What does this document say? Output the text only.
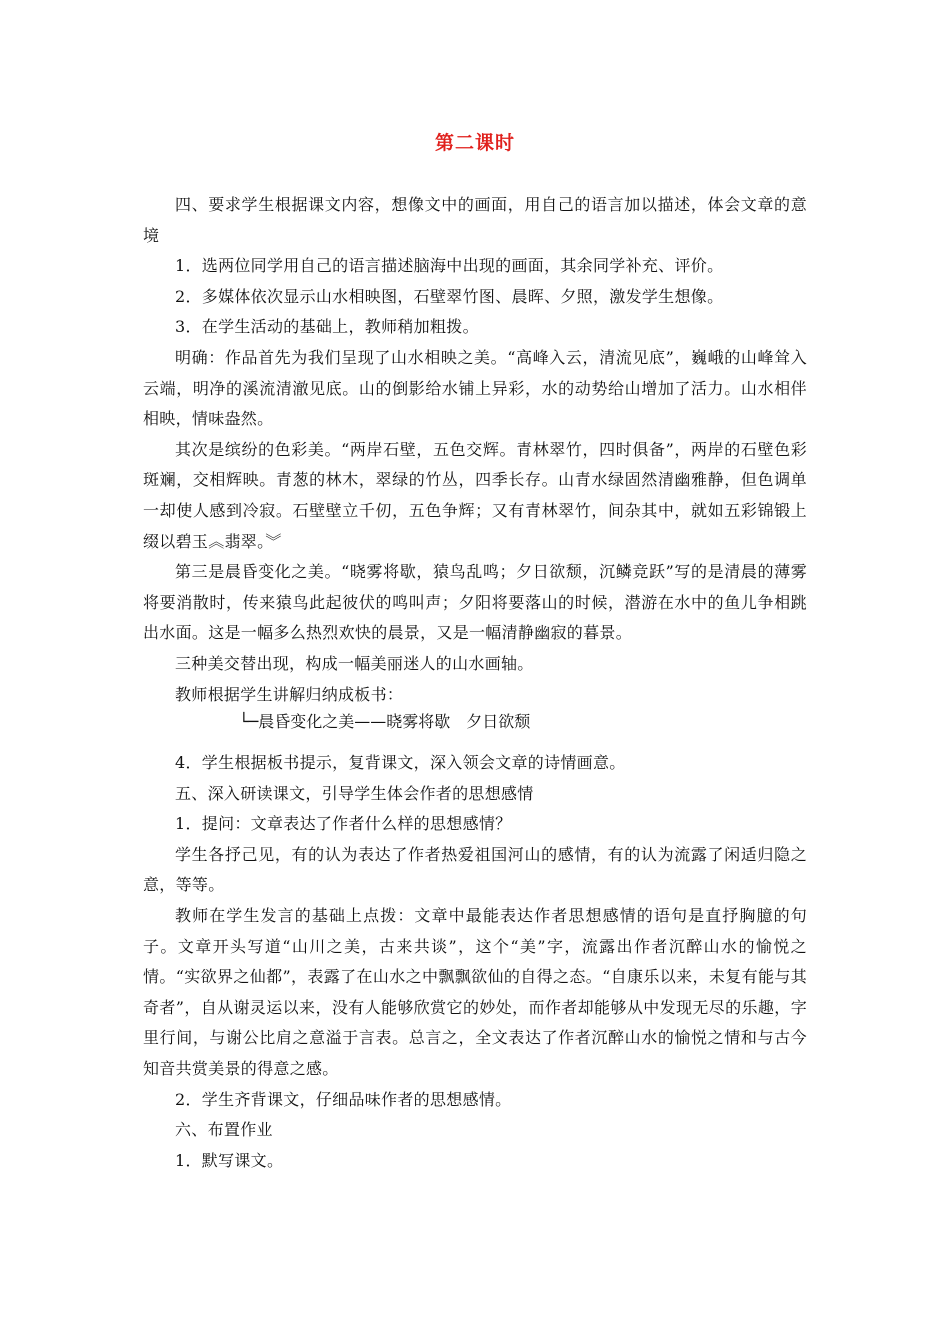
第二课时

四、要求学生根据课文内容，想像文中的画面，用自己的语言加以描述，体会文章的意境

1．选两位同学用自己的语言描述脑海中出现的画面，其余同学补充、评价。

2．多媒体依次显示山水相映图，石壁翠竹图、晨晖、夕照，激发学生想像。

3．在学生活动的基础上，教师稍加粗拨。

明确：作品首先为我们呈现了山水相映之美。“高峰入云，清流见底”，巍峨的山峰耸入云端，明净的溪流清澈见底。山的倒影给水铺上异彩，水的动势给山增加了活力。山水相伴相映，情味盎然。

其次是缤纷的色彩美。“两岸石壁，五色交辉。青林翠竹，四时俱备”，两岸的石壁色彩斑斓，交相辉映。青葱的林木，翠绿的竹丛，四季长存。山青水绿固然清幽雅静，但色调单一却使人感到冷寂。石壁壁立千仞，五色争辉；又有青林翠竹，间杂其中，就如五彩锦锻上缀以碧玉︽翡翠。︾

第三是晨昏变化之美。“晓雾将歇，猿鸟乱鸣；夕日欲颓，沉鳞竞跃”写的是清晨的薄雾将要消散时，传来猿鸟此起彼伏的鸣叫声；夕阳将要落山的时候，潜游在水中的鱼儿争相跳出水面。这是一幅多么热烈欢快的晨景，又是一幅清静幽寂的暮景。

三种美交替出现，构成一幅美丽迷人的山水画轴。

教师根据学生讲解归纳成板书：

└─晨昏变化之美——晓雾将歇　夕日欲颓

4．学生根据板书提示，复背课文，深入领会文章的诗情画意。

五、深入研读课文，引导学生体会作者的思想感情

1．提问：文章表达了作者什么样的思想感情？

学生各抒己见，有的认为表达了作者热爱祖国河山的感情，有的认为流露了闲适归隐之意，等等。

教师在学生发言的基础上点拨：文章中最能表达作者思想感情的语句是直抒胸臆的句子。文章开头写道“山川之美，古来共谈”，这个“美”字，流露出作者沉醉山水的愉悦之情。“实欲界之仙都”，表露了在山水之中飘飘欲仙的自得之态。“自康乐以来，未复有能与其奇者”，自从谢灵运以来，没有人能够欣赏它的妙处，而作者却能够从中发现无尽的乐趣，字里行间，与谢公比肩之意溢于言表。总言之，全文表达了作者沉醉山水的愉悦之情和与古今知音共赏美景的得意之感。

2．学生齐背课文，仔细品味作者的思想感情。

六、布置作业

1．默写课文。
